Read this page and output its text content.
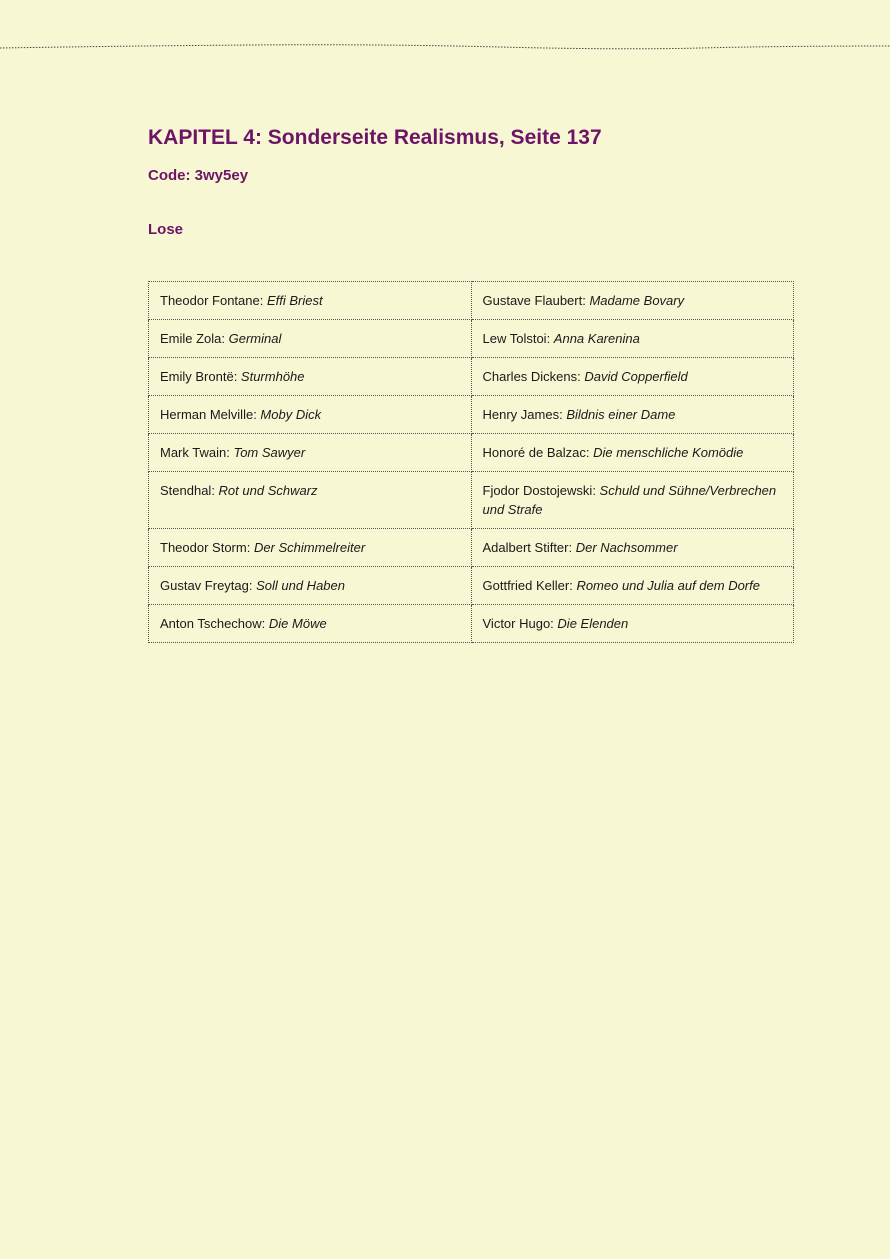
KAPITEL 4: Sonderseite Realismus, Seite 137

Code: 3wy5ey

Lose
Theodor Fontane: Effi Briest	Gustave Flaubert: Madame Bovary
Emile Zola: Germinal	Lew Tolstoi: Anna Karenina
Emily Brontë: Sturmhöhe	Charles Dickens: David Copperfield
Herman Melville: Moby Dick	Henry James: Bildnis einer Dame
Mark Twain: Tom Sawyer	Honoré de Balzac: Die menschliche Komödie
Stendhal: Rot und Schwarz	Fjodor Dostojewski: Schuld und Sühne/Verbrechen und Strafe
Theodor Storm: Der Schimmelreiter	Adalbert Stifter: Der Nachsommer
Gustav Freytag: Soll und Haben	Gottfried Keller: Romeo und Julia auf dem Dorfe
Anton Tschechow: Die Möwe	Victor Hugo: Die Elenden
